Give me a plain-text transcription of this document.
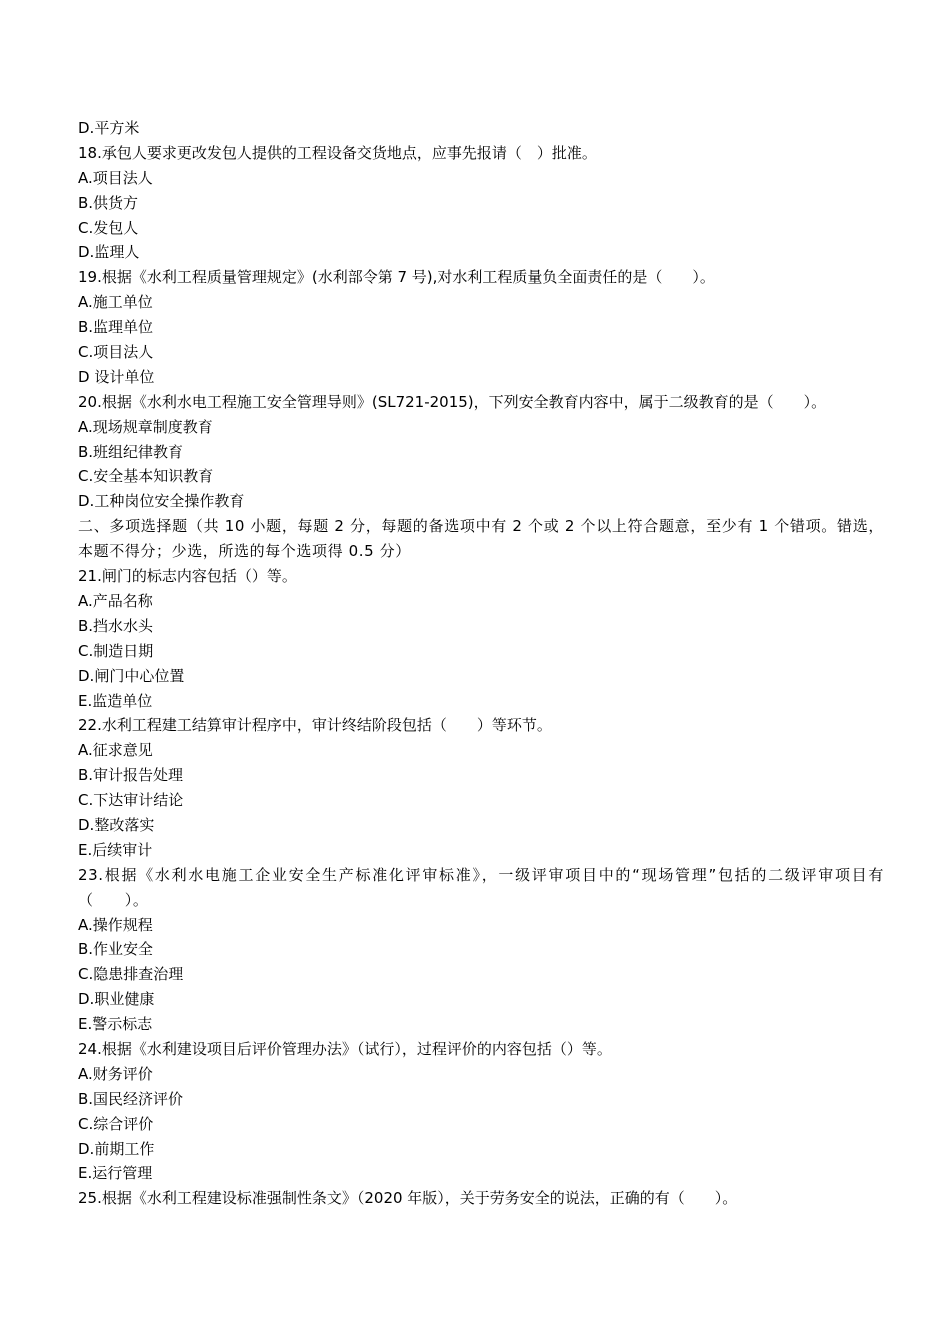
D.平方米
18.承包人要求更改发包人提供的工程设备交货地点，应事先报请（　）批准。
A.项目法人
B.供货方
C.发包人
D.监理人
19.根据《水利工程质量管理规定》(水利部令第 7 号),对水利工程质量负全面责任的是（　　）。
A.施工单位
B.监理单位
C.项目法人
D 设计单位
20.根据《水利水电工程施工安全管理导则》(SL721-2015)，下列安全教育内容中，属于二级教育的是（　　）。
A.现场规章制度教育
B.班组纪律教育
C.安全基本知识教育
D.工种岗位安全操作教育
二、多项选择题（共 10 小题，每题 2 分，每题的备选项中有 2 个或 2 个以上符合题意，至少有 1 个错项。错选，本题不得分；少选，所选的每个选项得 0.5 分）
21.闸门的标志内容包括（）等。
A.产品名称
B.挡水水头
C.制造日期
D.闸门中心位置
E.监造单位
22.水利工程建工结算审计程序中，审计终结阶段包括（　　）等环节。
A.征求意见
B.审计报告处理
C.下达审计结论
D.整改落实
E.后续审计
23.根据《水利水电施工企业安全生产标准化评审标准》，一级评审项目中的“现场管理”包括的二级评审项目有（　　）。
A.操作规程
B.作业安全
C.隐患排查治理
D.职业健康
E.警示标志
24.根据《水利建设项目后评价管理办法》（试行），过程评价的内容包括（）等。
A.财务评价
B.国民经济评价
C.综合评价
D.前期工作
E.运行管理
25.根据《水利工程建设标准强制性条文》（2020 年版），关于劳务安全的说法，正确的有（　　）。
